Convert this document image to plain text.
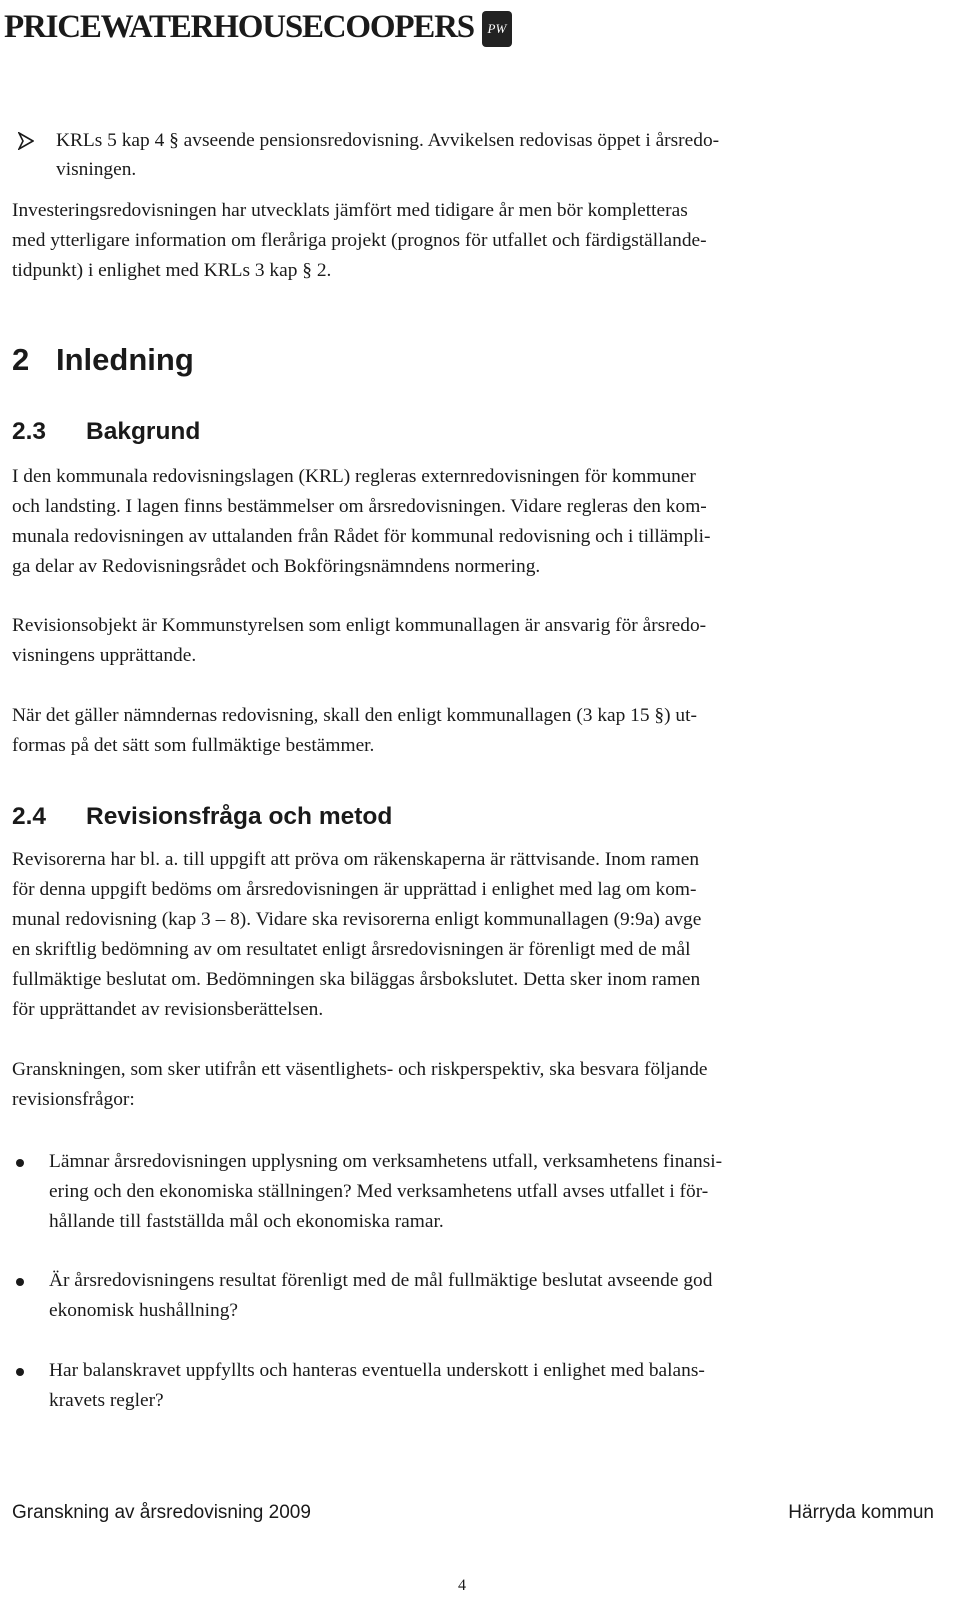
PRICEWATERHOUSECOOPERS	PW
KRLs 5 kap 4 § avseende pensionsredovisning. Avvikelsen redovisas öppet i årsredo-
visningen.

Investeringsredovisningen har utvecklats jämfört med tidigare år men bör kompletteras
med ytterligare information om fleråriga projekt (prognos för utfallet och färdigställande-
tidpunkt) i enlighet med KRLs 3 kap § 2.

2 Inledning
2.3 Bakgrund

I den kommunala redovisningslagen (KRL) regleras externredovisningen för kommuner
och landsting. I lagen finns bestämmelser om årsredovisningen. Vidare regleras den kom-
munala redovisningen av uttalanden från Rådet för kommunal redovisning och i tillämpli-
ga delar av Redovisningsrådet och Bokföringsnämndens normering.

Revisionsobjekt är Kommunstyrelsen som enligt kommunallagen är ansvarig för årsredo-
visningens upprättande.

När det gäller nämndernas redovisning, skall den enligt kommunallagen (3 kap 15 §) ut-
formas på det sätt som fullmäktige bestämmer.

2.4 Revisionsfråga och metod

Revisorerna har bl. a. till uppgift att pröva om räkenskaperna är rättvisande. Inom ramen
för denna uppgift bedöms om årsredovisningen är upprättad i enlighet med lag om kom-
munal redovisning (kap 3 – 8). Vidare ska revisorerna enligt kommunallagen (9:9a) avge
en skriftlig bedömning av om resultatet enligt årsredovisningen är förenligt med de mål
fullmäktige beslutat om. Bedömningen ska biläggas årsbokslutet. Detta sker inom ramen
för upprättandet av revisionsberättelsen.

Granskningen, som sker utifrån ett väsentlighets- och riskperspektiv, ska besvara följande
revisionsfrågor:

Lämnar årsredovisningen upplysning om verksamhetens utfall, verksamhetens finansi-
ering och den ekonomiska ställningen? Med verksamhetens utfall avses utfallet i för-
hållande till fastställda mål och ekonomiska ramar.
Är årsredovisningens resultat förenligt med de mål fullmäktige beslutat avseende god
ekonomisk hushållning?
Har balanskravet uppfyllts och hanteras eventuella underskott i enlighet med balans-
kravets regler?
Granskning av årsredovisning 2009	Härryda kommun
4
